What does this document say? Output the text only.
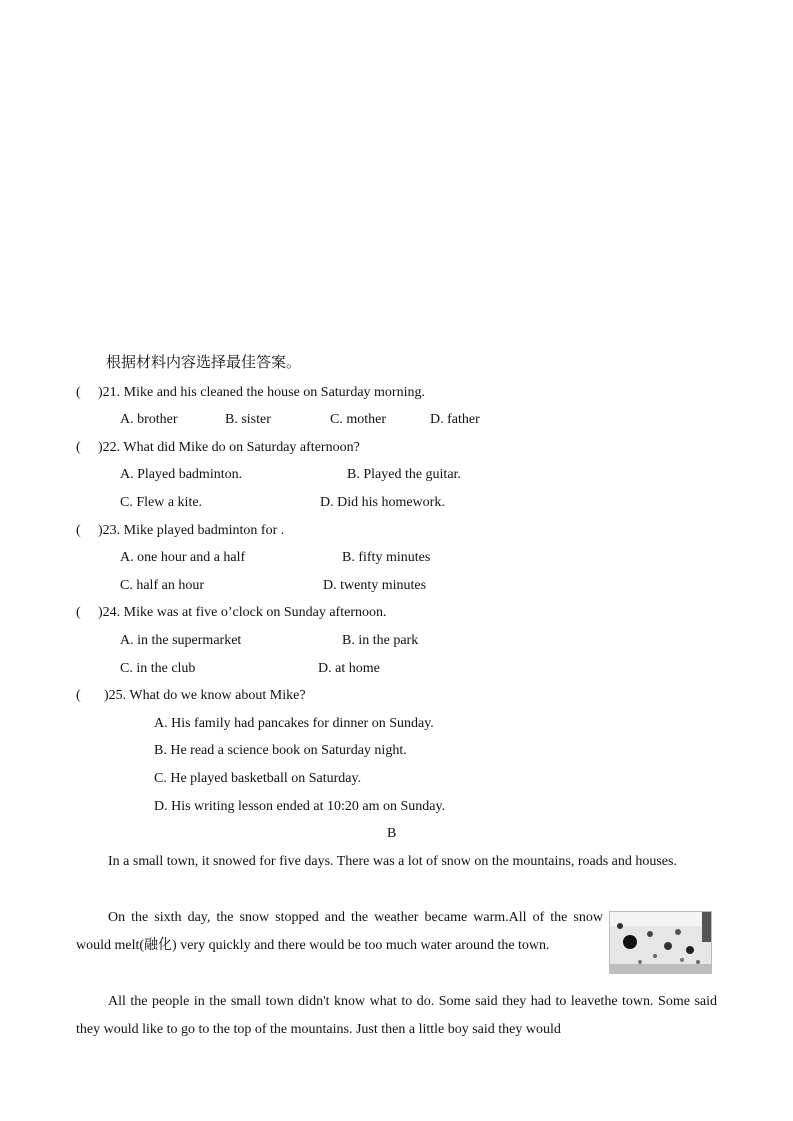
根据材料内容选择最佳答案。
( )21. Mike and his cleaned the house on Saturday morning.
A. brother	B. sister	C. mother	D. father
( )22. What did Mike do on Saturday afternoon?
A. Played badminton.	B. Played the guitar.
C. Flew a kite.	D. Did his homework.
( )23. Mike played badminton for .
A. one hour and a half	B. fifty minutes
C. half an hour	D. twenty minutes
( )24. Mike was at five o’clock on Sunday afternoon.
A. in the supermarket	B. in the park
C. in the club	D. at home
( )25. What do we know about Mike?
A. His family had pancakes for dinner on Sunday.
B. He read a science book on Saturday night.
C. He played basketball on Saturday.
D. His writing lesson ended at 10:20 am on Sunday.
B
In a small town, it snowed for five days. There was a lot of snow on the mountains, roads and houses.
On the sixth day, the snow stopped and the weather became warm.All of the snow would melt(融化) very quickly and there would be too much water around the town.
All the people in the small town didn't know what to do. Some said they had to leavethe town. Some said they would like to go to the top of the mountains. Just then a little boy said they would
